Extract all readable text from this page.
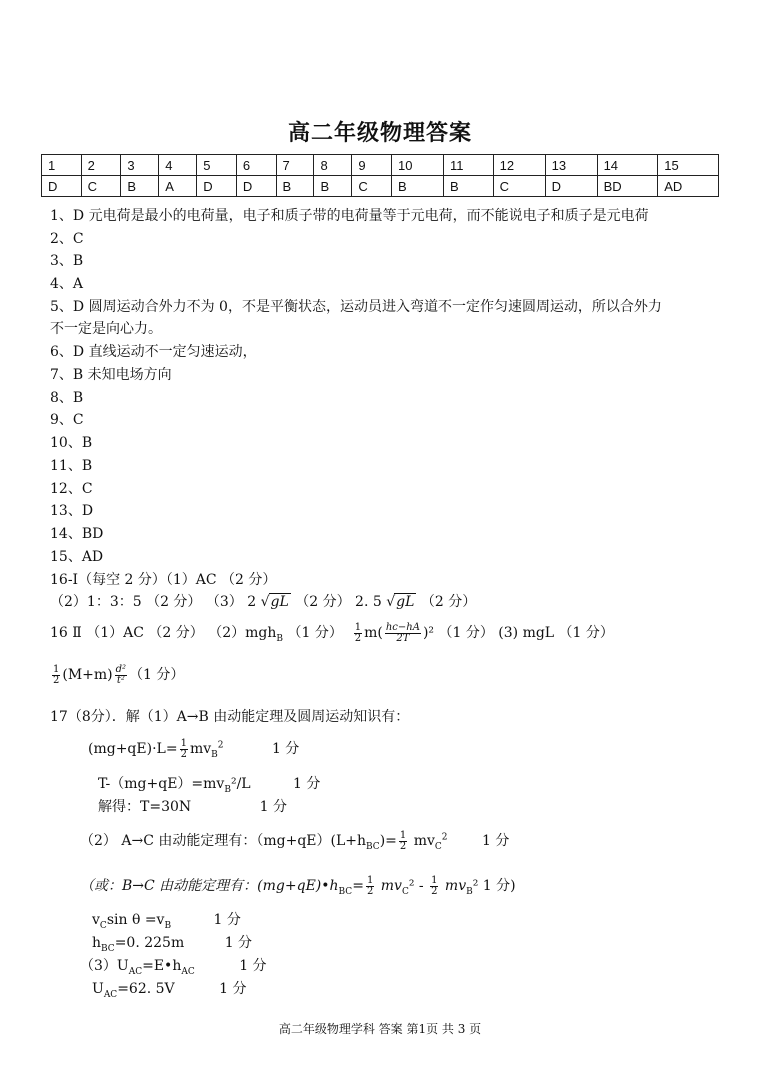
高二年级物理答案
1	2	3	4	5	6	7	8	9	10	11	12	13	14	15
D	C	B	A	D	D	B	B	C	B	B	C	D	BD	AD
1、D 元电荷是最小的电荷量，电子和质子带的电荷量等于元电荷，而不能说电子和质子是元电荷
2、C
3、B
4、A
5、D 圆周运动合外力不为 0，不是平衡状态，运动员进入弯道不一定作匀速圆周运动，所以合外力
不一定是向心力。
6、D 直线运动不一定匀速运动，
7、B 未知电场方向
8、B
9、C
10、B
11、B
12、C
13、D
14、BD
15、AD
16-Ⅰ（每空 2 分）（1）AC （2 分）
（2）1：3：5 （2 分） （3） 2 √gL （2 分） 2. 5 √gL （2 分）
16 Ⅱ （1）AC （2 分） （2）mgh$_B$ （1 分） $\frac{1}{2} m( \frac{hc-hA}{2T} )^2$ （1 分） (3) mgL （1 分）
$\frac{1}{2} (M+m) \frac{\text{d²}}{\text{t²}} (1$ 分）
17（8分）．解（1）A→B 由动能定理及圆周运动知识有：
$(mg+qE)\cdot L= \frac{1}{2} mv_B^2$	1 分
$T-(mg+qE)=mv_B^2/L$	1 分
解得：T=30N	1 分
（2） A→C 由动能定理有：$(mg+qE)(L+h_{BC})= \frac{1}{2} mv_C^2$ 1 分
（或：B→C 由动能定理有：$(mg+qE)•h_{BC}= \frac{1}{2} mv_C^2 - \frac{1}{2} mv_B^2$ 1 分)
$v_C\sin$ $\theta =v_B$	1 分
$h_{BC}=0$. 225m	1 分
$(3)U_{AC}=E•h_{AC}$	1 分
$U_{AC}=62$. 5V	1 分
高二年级物理学科 答案 第1页 共 3 页
